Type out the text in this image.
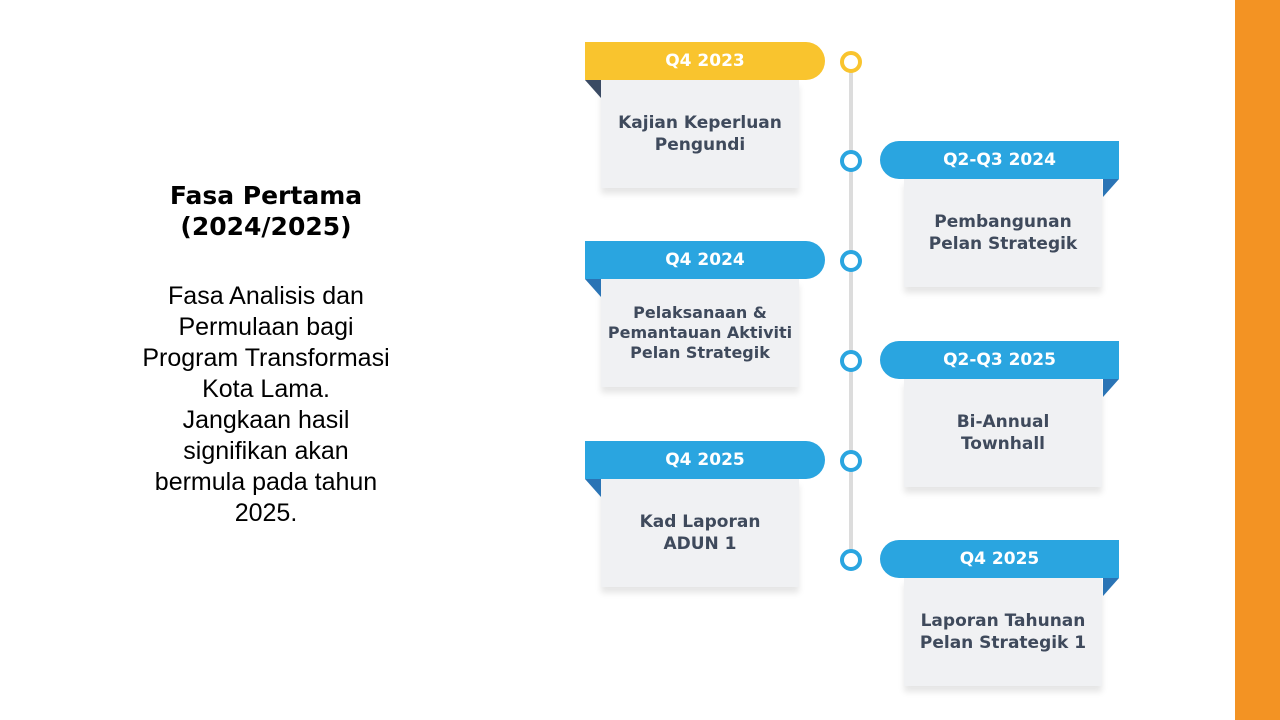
Fasa Pertama
(2024/2025)
Fasa Analisis dan
Permulaan bagi
Program Transformasi
Kota Lama.
Jangkaan hasil
signifikan akan
bermula pada tahun
2025.
Kajian Keperluan
Pengundi
Q4 2023
Pembangunan
Pelan Strategik
Q2-Q3 2024
Pelaksanaan &
Pemantauan Aktiviti
Pelan Strategik
Q4 2024
Bi-Annual
Townhall
Q2-Q3 2025
Kad Laporan
ADUN 1
Q4 2025
Laporan Tahunan
Pelan Strategik 1
Q4 2025
